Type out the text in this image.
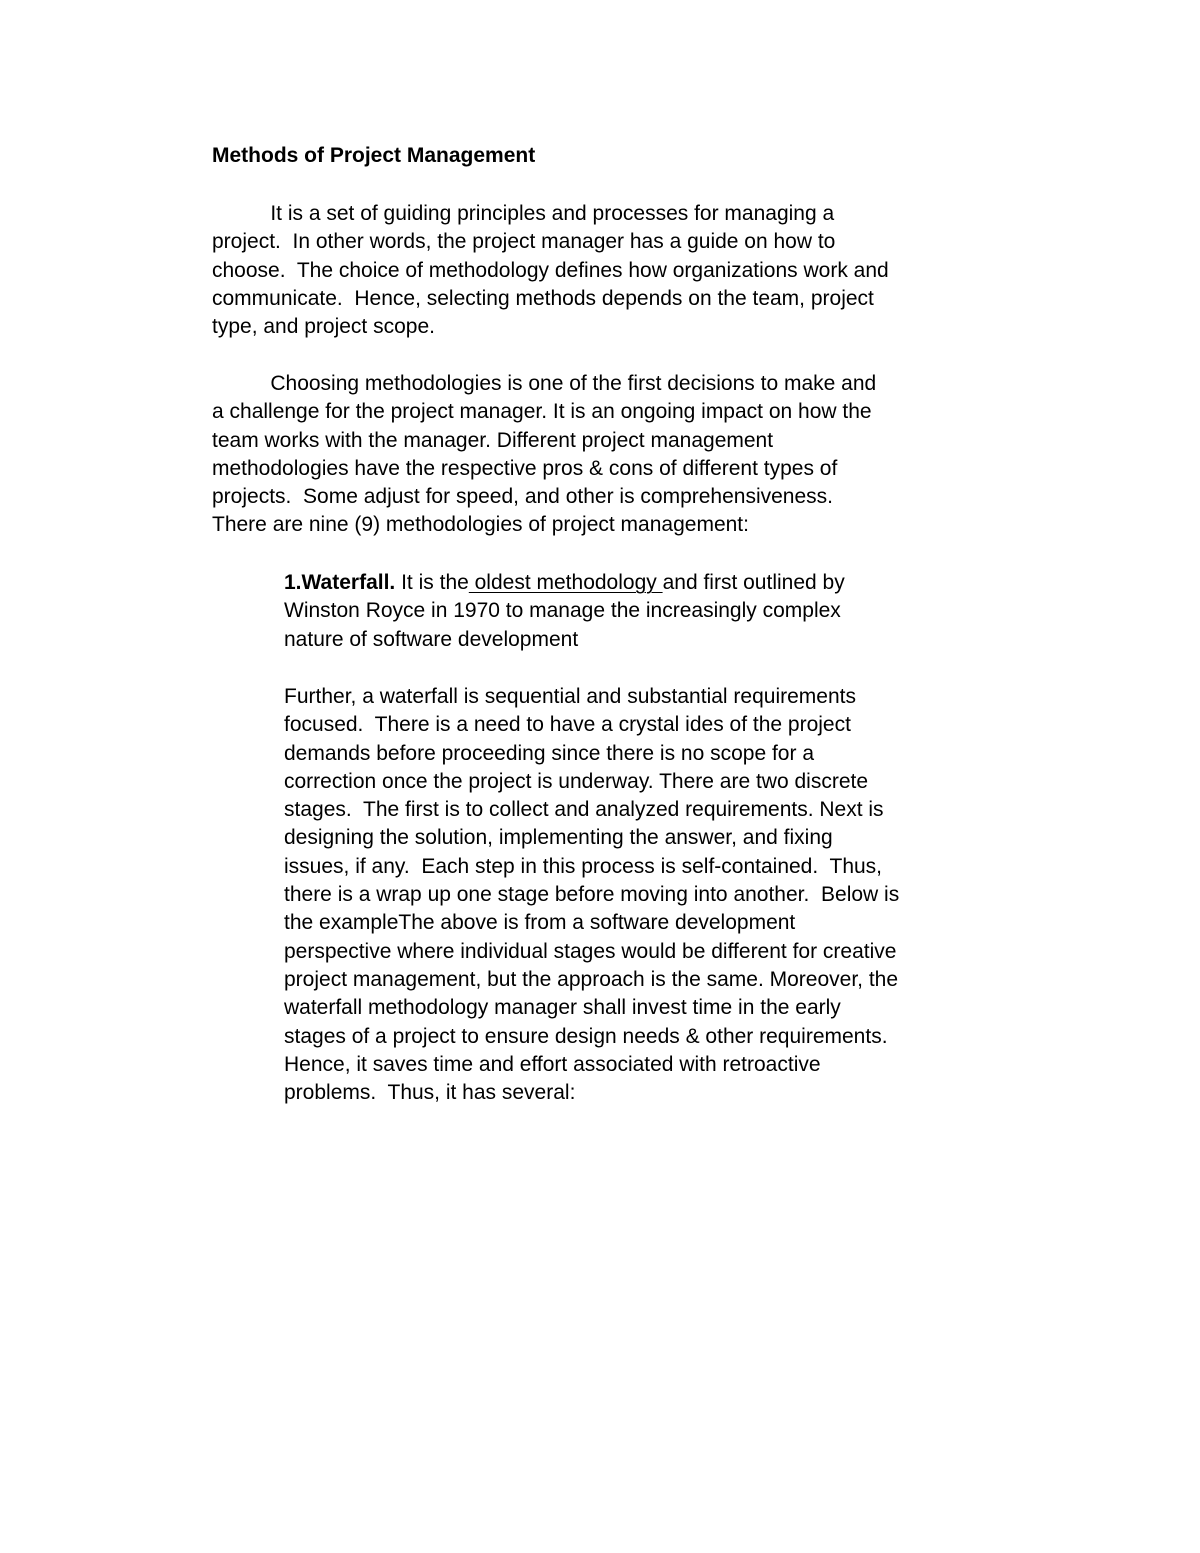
Methods of Project Management
It is a set of guiding principles and processes for managing a
project.  In other words, the project manager has a guide on how to
choose.  The choice of methodology defines how organizations work and
communicate.  Hence, selecting methods depends on the team, project
type, and project scope.
Choosing methodologies is one of the first decisions to make and
a challenge for the project manager. It is an ongoing impact on how the
team works with the manager. Different project management
methodologies have the respective pros & cons of different types of
projects.  Some adjust for speed, and other is comprehensiveness.
There are nine (9) methodologies of project management:
1.Waterfall. It is the oldest methodology and first outlined by
Winston Royce in 1970 to manage the increasingly complex
nature of software development
Further, a waterfall is sequential and substantial requirements
focused.  There is a need to have a crystal ides of the project
demands before proceeding since there is no scope for a
correction once the project is underway. There are two discrete
stages.  The first is to collect and analyzed requirements. Next is
designing the solution, implementing the answer, and fixing
issues, if any.  Each step in this process is self-contained.  Thus,
there is a wrap up one stage before moving into another.  Below is
the exampleThe above is from a software development
perspective where individual stages would be different for creative
project management, but the approach is the same. Moreover, the
waterfall methodology manager shall invest time in the early
stages of a project to ensure design needs & other requirements.
Hence, it saves time and effort associated with retroactive
problems.  Thus, it has several:
